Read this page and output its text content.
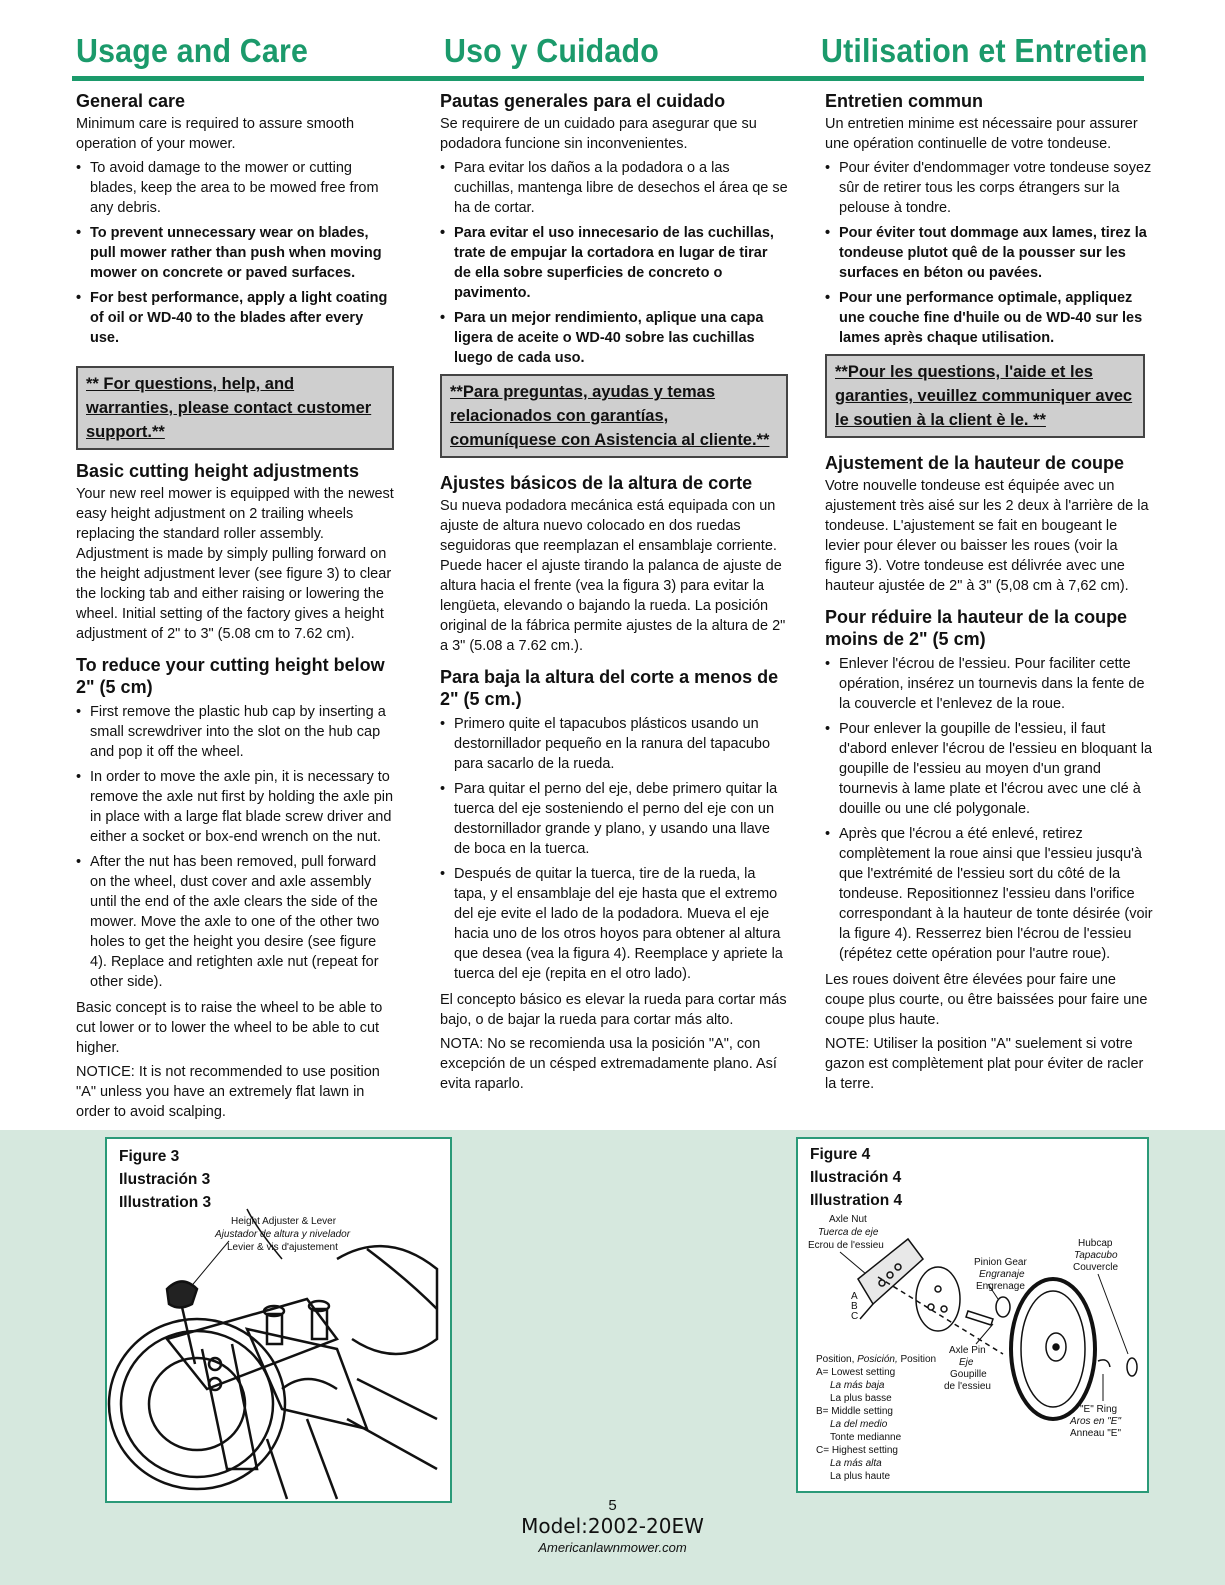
Usage and Care	Uso y Cuidado	Utilisation et Entretien
General care

Minimum care is required to assure smooth operation of your mower.

• To avoid damage to the mower or cutting blades, keep the area to be mowed free from any debris.
• To prevent unnecessary wear on blades, pull mower rather than push when moving mower on concrete or paved surfaces.
• For best performance, apply a light coating of oil or WD-40 to the blades after every use.
** For questions, help, and warranties, please contact customer support.**
Basic cutting height adjustments

Your new reel mower is equipped with the newest easy height adjustment on 2 trailing wheels replacing the standard roller assembly. Adjustment is made by simply pulling forward on the height adjustment lever (see figure 3) to clear the locking tab and either raising or lowering the wheel. Initial setting of the factory gives a height adjustment of 2" to 3" (5.08 cm to 7.62 cm).

To reduce your cutting height below 2" (5 cm)
• First remove the plastic hub cap by inserting a small screwdriver into the slot on the hub cap and pop it off the wheel.
• In order to move the axle pin, it is necessary to remove the axle nut first by holding the axle pin in place with a large flat blade screw driver and either a socket or box-end wrench on the nut.
• After the nut has been removed, pull forward on the wheel, dust cover and axle assembly until the end of the axle clears the side of the mower. Move the axle to one of the other two holes to get the height you desire (see figure 4). Replace and retighten axle nut (repeat for other side).

Basic concept is to raise the wheel to be able to cut lower or to lower the wheel to be able to cut higher.

NOTICE: It is not recommended to use position "A" unless you have an extremely flat lawn in order to avoid scalping.

Pautas generales para el cuidado

Se requirere de un cuidado para asegurar que su podadora funcione sin inconvenientes.

• Para evitar los daños a la podadora o a las cuchillas, mantenga libre de desechos el área qe se ha de cortar.
• Para evitar el uso innecesario de las cuchillas, trate de empujar la cortadora en lugar de tirar de ella sobre superficies de concreto o pavimento.
• Para un mejor rendimiento, aplique una capa ligera de aceite o WD-40 sobre las cuchillas luego de cada uso.
**Para preguntas, ayudas y temas relacionados con garantías, comuníquese con Asistencia al cliente.**
Ajustes básicos de la altura de corte

Su nueva podadora mecánica está equipada con un ajuste de altura nuevo colocado en dos ruedas seguidoras que reemplazan el ensamblaje corriente. Puede hacer el ajuste tirando la palanca de ajuste de altura hacia el frente (vea la figura 3) para evitar la lengüeta, elevando o bajando la rueda. La posición original de la fábrica permite ajustes de la altura de 2" a 3" (5.08 a 7.62 cm.).

Para baja la altura del corte a menos de 2" (5 cm.)
• Primero quite el tapacubos plásticos usando un destornillador pequeño en la ranura del tapacubo para sacarlo de la rueda.
• Para quitar el perno del eje, debe primero quitar la tuerca del eje sosteniendo el perno del eje con un destornillador grande y plano, y usando una llave de boca en la tuerca.
• Después de quitar la tuerca, tire de la rueda, la tapa, y el ensamblaje del eje hasta que el extremo del eje evite el lado de la podadora. Mueva el eje hacia uno de los otros hoyos para obtener al altura que desea (vea la figura 4). Reemplace y apriete la tuerca del eje (repita en el otro lado).

El concepto básico es elevar la rueda para cortar más bajo, o de bajar la rueda para cortar más alto.

NOTA: No se recomienda usa la posición "A", con excepción de un césped extremadamente plano. Así evita raparlo.

Entretien commun

Un entretien minime est nécessaire pour assurer une opération continuelle de votre tondeuse.

• Pour éviter d'endommager votre tondeuse soyez sûr de retirer tous les corps étrangers sur la pelouse à tondre.
• Pour éviter tout dommage aux lames, tirez la tondeuse plutot quê de la pousser sur les surfaces en béton ou pavées.
• Pour une performance optimale, appliquez une couche fine d'huile ou de WD-40 sur les lames après chaque utilisation.
**Pour les questions, l'aide et les garanties, veuillez communiquer avec le soutien à la client è le. **
Ajustement de la hauteur de coupe

Votre nouvelle tondeuse est équipée avec un ajustement très aisé sur les 2 deux à l'arrière de la tondeuse. L'ajustement se fait en bougeant le levier pour élever ou baisser les roues (voir la figure 3). Votre tondeuse est délivrée avec une hauteur ajustée de 2" à 3" (5,08 cm à 7,62 cm).

Pour réduire la hauteur de la coupe moins de 2" (5 cm)
• Enlever l'écrou de l'essieu. Pour faciliter cette opération, insérez un tournevis dans la fente de la couvercle et l'enlevez de la roue.
• Pour enlever la goupille de l'essieu, il faut d'abord enlever l'écrou de l'essieu en bloquant la goupille de l'essieu au moyen d'un grand tournevis à lame plate et l'écrou avec une clé à douille ou une clé polygonale.
• Après que l'écrou a été enlevé, retirez complètement la roue ainsi que l'essieu jusqu'à que l'extrémité de l'essieu sort du côté de la tondeuse. Repositionnez l'essieu dans l'orifice correspondant à la hauteur de tonte désirée (voir la figure 4). Resserrez bien l'écrou de l'essieu (répétez cette opération pour l'autre roue).

Les roues doivent être élevées pour faire une coupe plus courte, ou être baissées pour faire une coupe plus haute.

NOTE: Utiliser la position "A" suelement si votre gazon est complètement plat pour éviter de racler la terre.

Figure 3
Ilustración 3
Illustration 3
Height Adjuster & Lever
Ajustador de altura y nivelador
Levier & vis d'ajustement
Figure 4
Ilustración 4
Illustration 4
Axle Nut
Tuerca de eje
Ecrou de l'essieu
Pinion Gear
Engranaje
Engrenage
Hubcap
Tapacubo
Couvercle
Axle Pin
Eje
Goupille
de l'essieu
"E" Ring
Aros en "E"
Anneau "E"
A
B
C
Position, Posición, Position
A= Lowest setting
La más baja
La plus basse
B= Middle setting
La del medio
Tonte medianne
C= Highest setting
La más alta
La plus haute
5
Model:2002-20EW
Americanlawnmower.com
